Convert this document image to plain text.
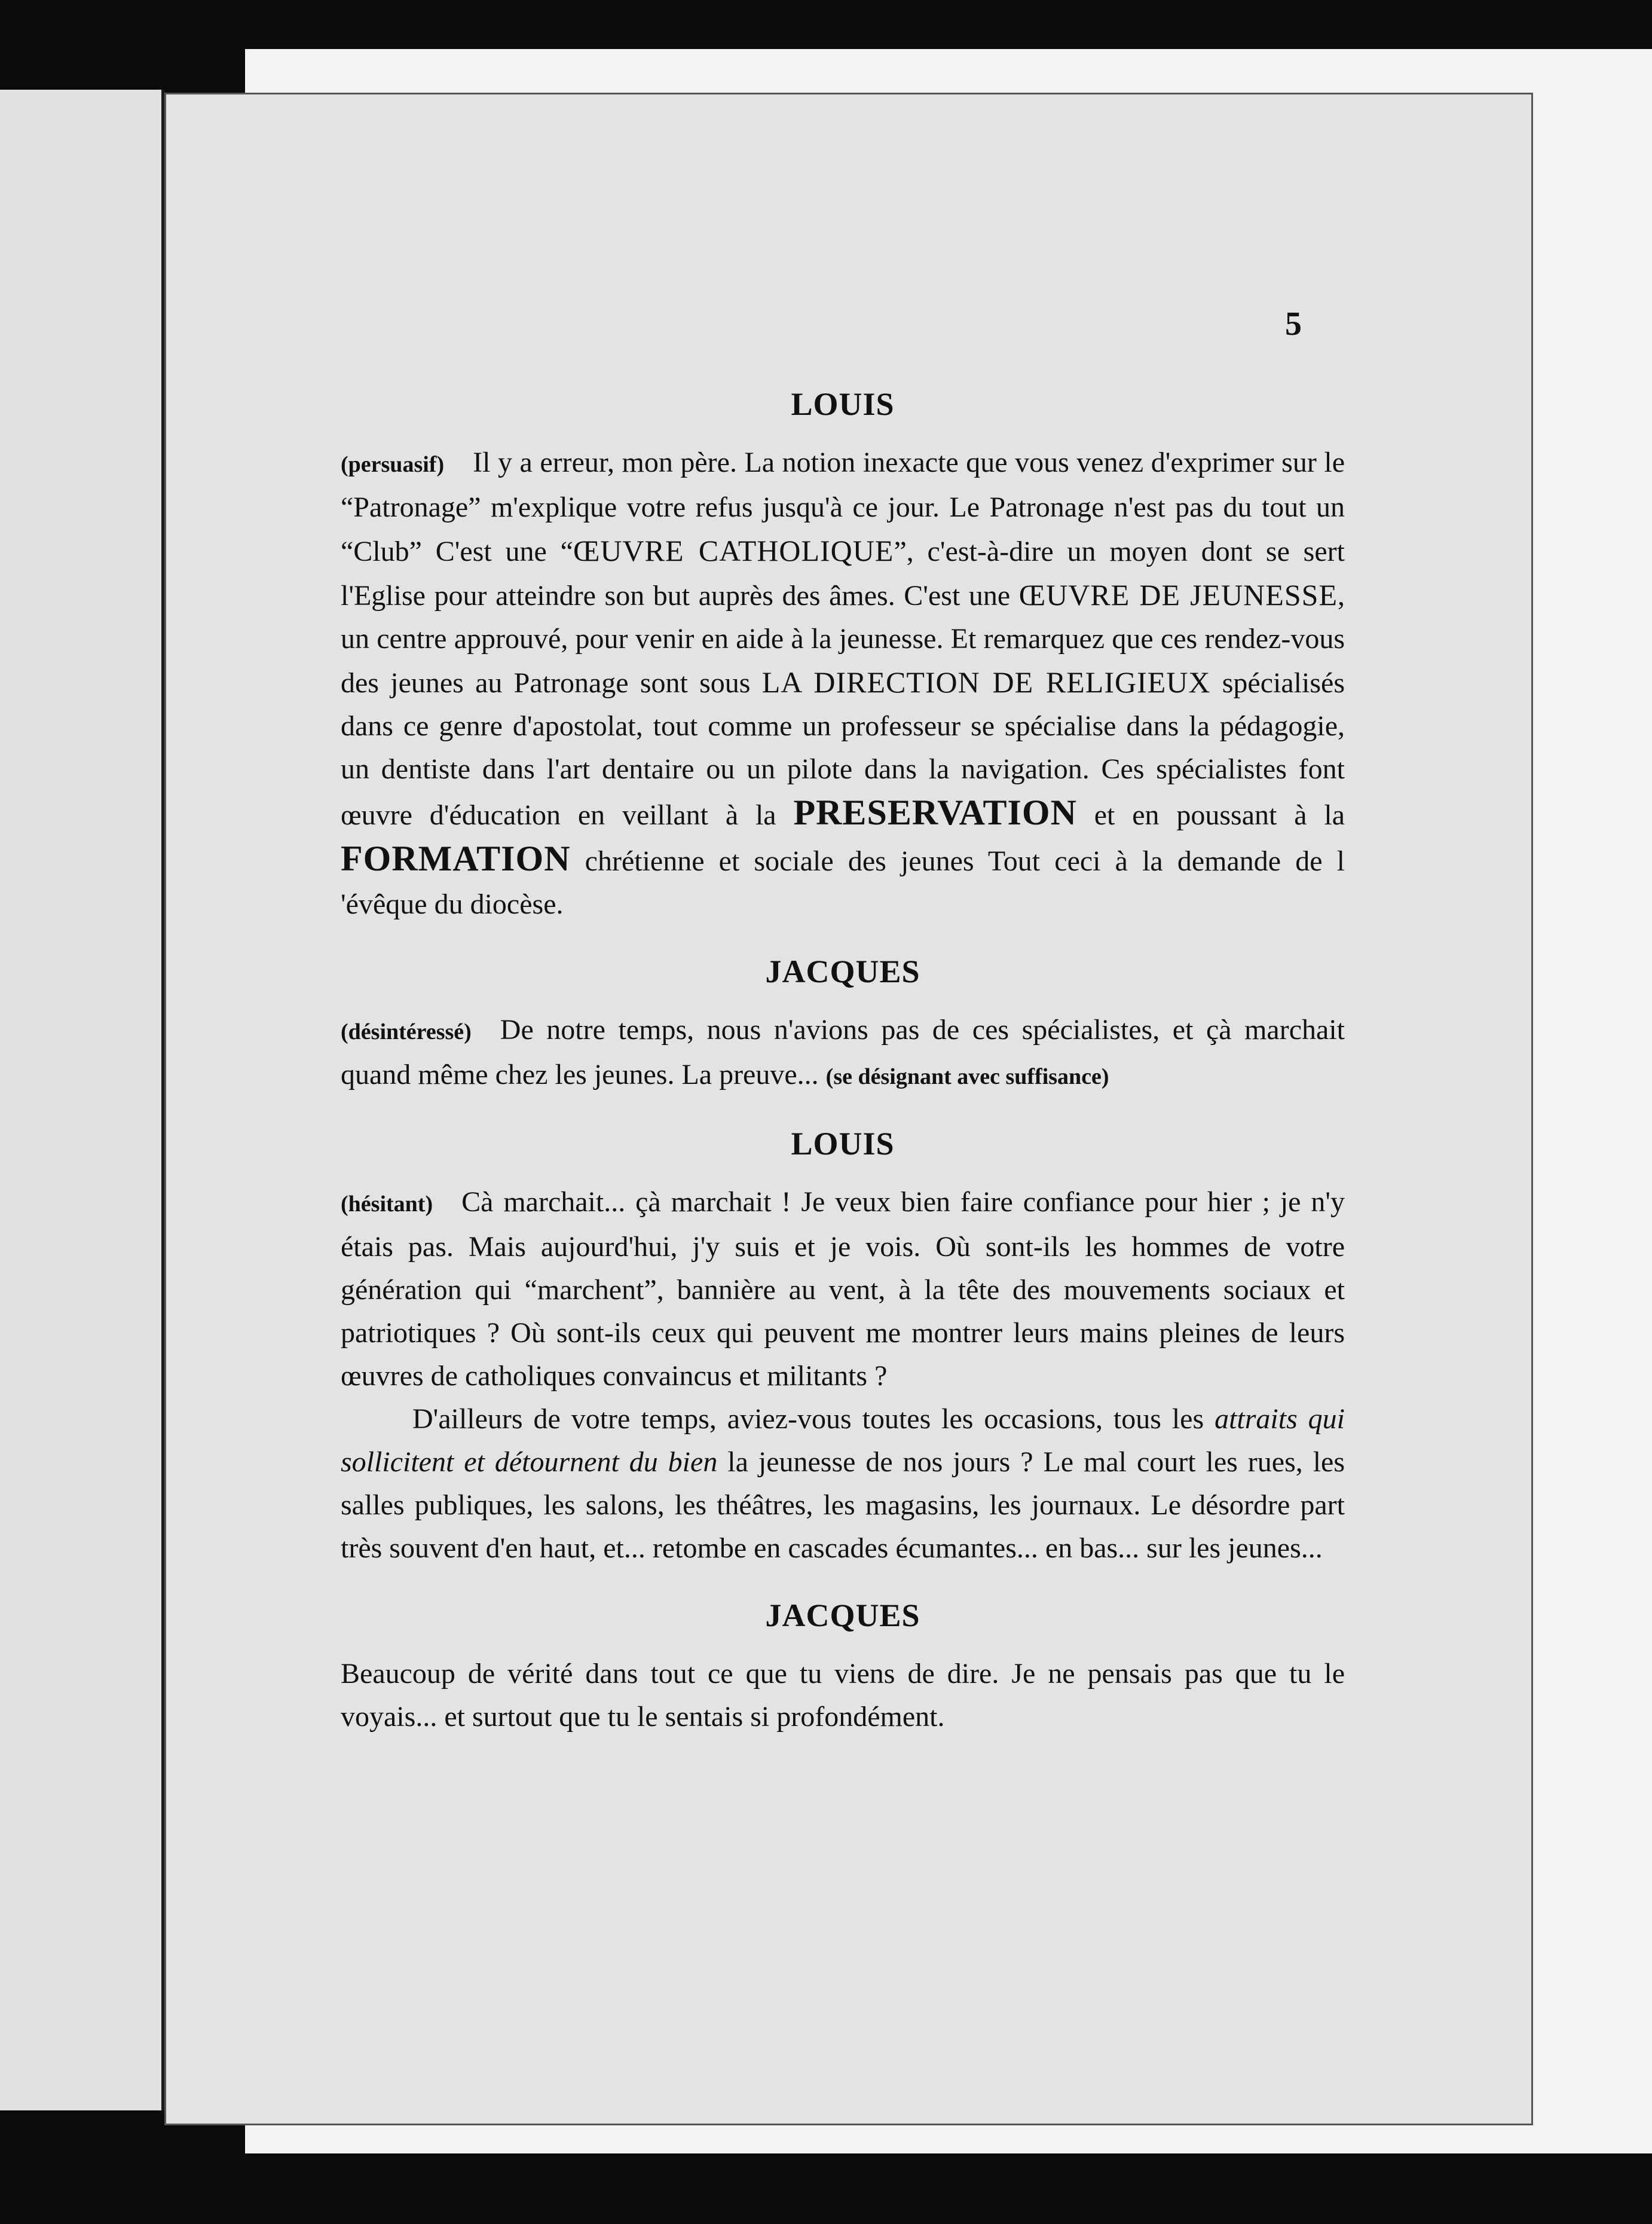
5
LOUIS

(persuasif)  Il y a erreur, mon père. La notion inexacte que vous venez d'exprimer sur le “Patronage” m'explique votre refus jusqu'à ce jour. Le Patronage n'est pas du tout un “Club” C'est une “ŒUVRE CATHOLIQUE”, c'est-à-dire un moyen dont se sert l'Eglise pour atteindre son but auprès des âmes. C'est une ŒUVRE DE JEUNESSE, un centre approuvé, pour venir en aide à la jeunesse. Et remarquez que ces rendez-vous des jeunes au Patronage sont sous LA DIRECTION DE RELIGIEUX spécialisés dans ce genre d'apostolat, tout comme un professeur se spécialise dans la pédagogie, un dentiste dans l'art dentaire ou un pilote dans la navigation. Ces spécialistes font œuvre d'éducation en veillant à la PRESERVATION et en poussant à la FORMATION chrétienne et sociale des jeunes Tout ceci à la demande de l 'évêque du diocèse.

JACQUES

(désintéressé)  De notre temps, nous n'avions pas de ces spécialistes, et çà marchait quand même chez les jeunes. La preuve... (se désignant avec suffisance)

LOUIS

(hésitant)  Cà marchait... çà marchait ! Je veux bien faire confiance pour hier ; je n'y étais pas. Mais aujourd'hui, j'y suis et je vois. Où sont-ils les hommes de votre génération qui “marchent”, bannière au vent, à la tête des mouvements sociaux et patriotiques ? Où sont-ils ceux qui peuvent me montrer leurs mains pleines de leurs œuvres de catholiques convaincus et militants ?

D'ailleurs de votre temps, aviez-vous toutes les occasions, tous les attraits qui sollicitent et détournent du bien la jeunesse de nos jours ? Le mal court les rues, les salles publiques, les salons, les théâtres, les magasins, les journaux. Le désordre part très souvent d'en haut, et... retombe en cascades écumantes... en bas... sur les jeunes...

JACQUES

Beaucoup de vérité dans tout ce que tu viens de dire. Je ne pensais pas que tu le voyais... et surtout que tu le sentais si profondément.
